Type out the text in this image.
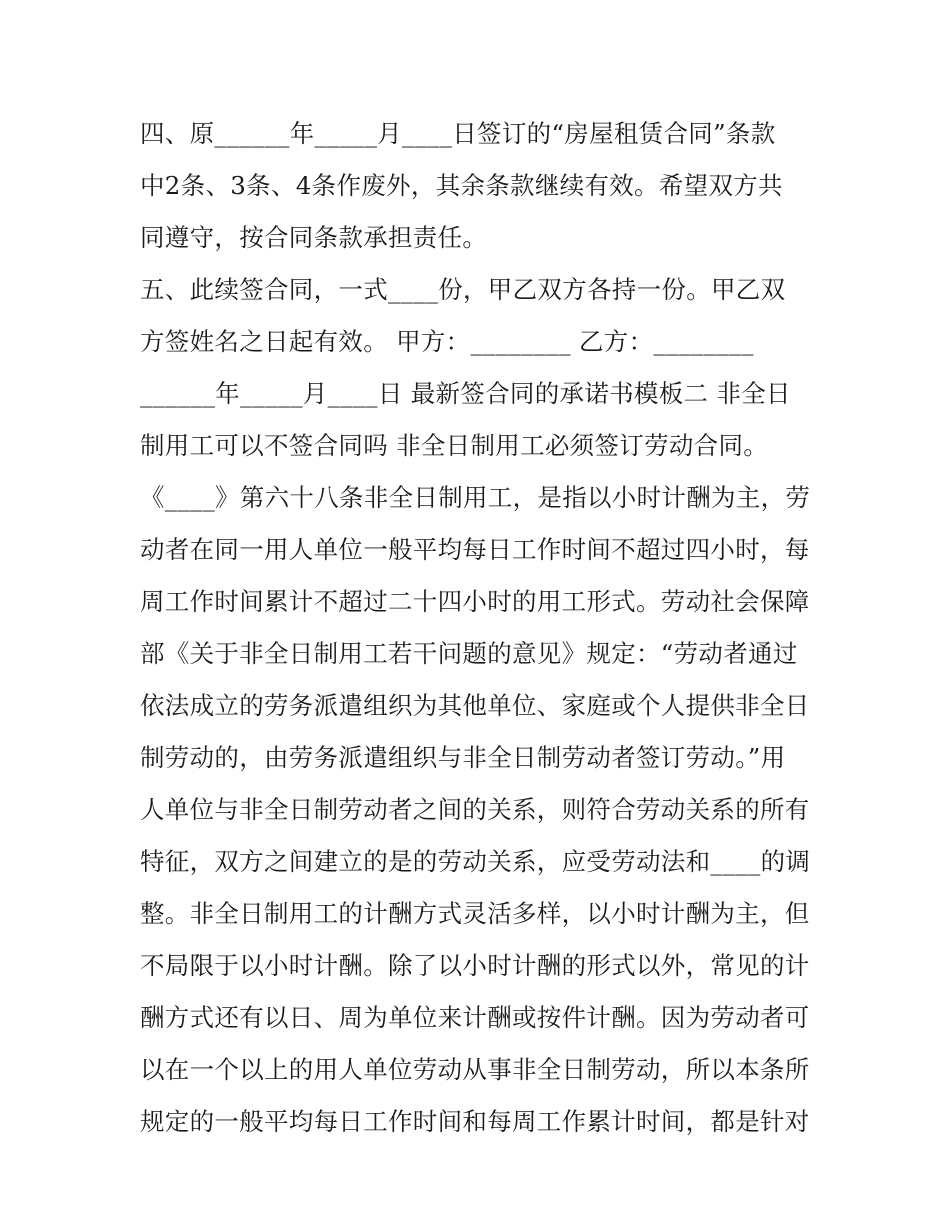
四、原______年_____月____日签订的“房屋租赁合同”条款
中2条、3条、4条作废外，其余条款继续有效。希望双方共
同遵守，按合同条款承担责任。
五、此续签合同，一式____份，甲乙双方各持一份。甲乙双
方签姓名之日起有效。 甲方：________ 乙方：________
______年_____月____日 最新签合同的承诺书模板二 非全日
制用工可以不签合同吗 非全日制用工必须签订劳动合同。
《____》第六十八条非全日制用工，是指以小时计酬为主，劳
动者在同一用人单位一般平均每日工作时间不超过四小时，每
周工作时间累计不超过二十四小时的用工形式。劳动社会保障
部《关于非全日制用工若干问题的意见》规定：“劳动者通过
依法成立的劳务派遣组织为其他单位、家庭或个人提供非全日
制劳动的，由劳务派遣组织与非全日制劳动者签订劳动。”用
人单位与非全日制劳动者之间的关系，则符合劳动关系的所有
特征，双方之间建立的是的劳动关系，应受劳动法和____的调
整。非全日制用工的计酬方式灵活多样，以小时计酬为主，但
不局限于以小时计酬。除了以小时计酬的形式以外，常见的计
酬方式还有以日、周为单位来计酬或按件计酬。因为劳动者可
以在一个以上的用人单位劳动从事非全日制劳动，所以本条所
规定的一般平均每日工作时间和每周工作累计时间，都是针对
